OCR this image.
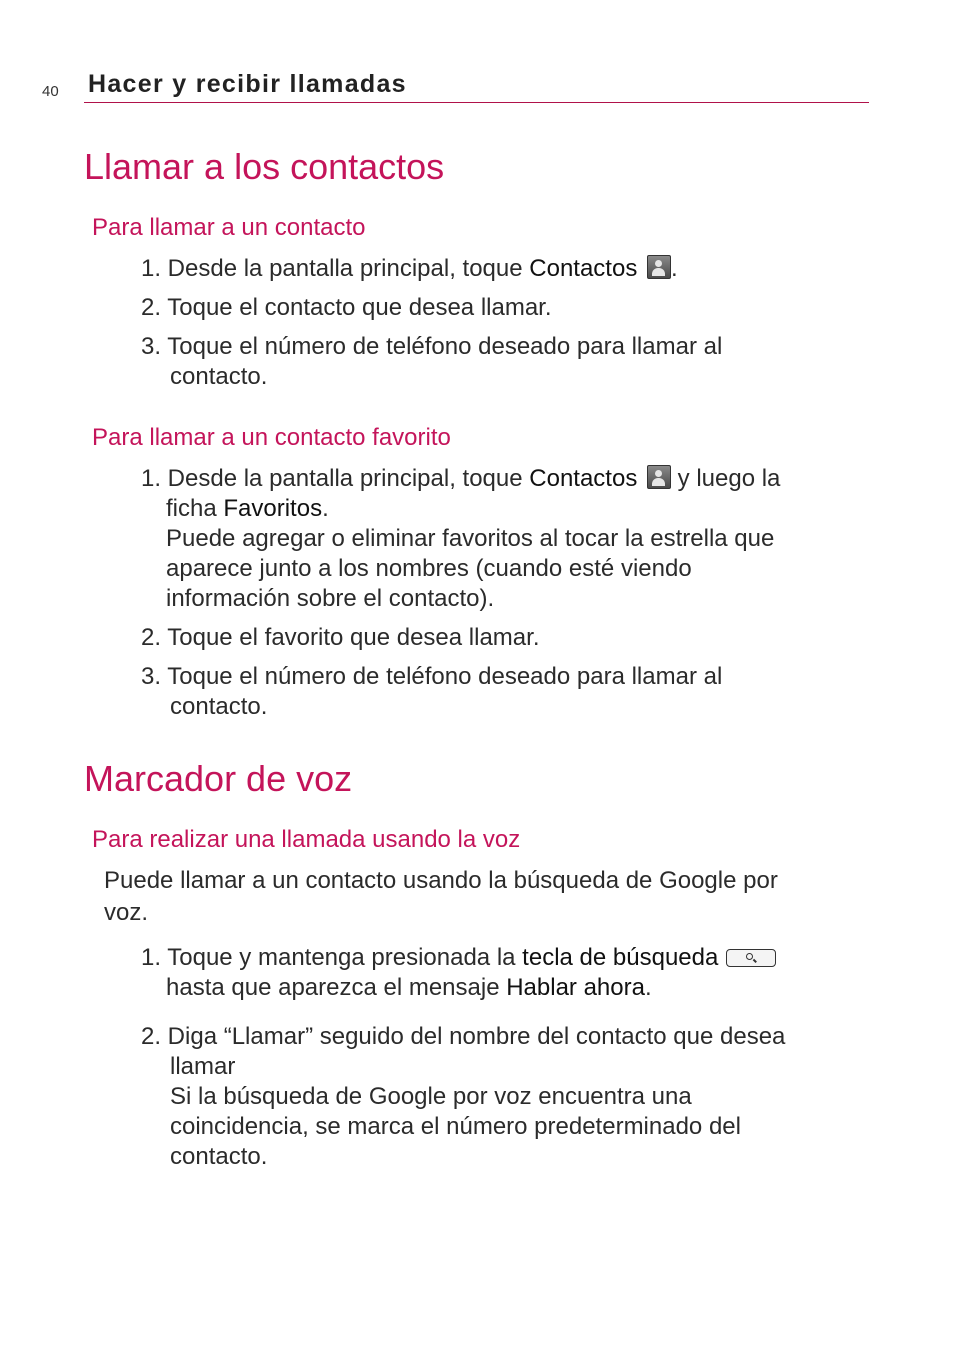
40 Hacer y recibir llamadas
Llamar a los contactos
Para llamar a un contacto
1. Desde la pantalla principal, toque Contactos .
2. Toque el contacto que desea llamar.
3. Toque el número de teléfono deseado para llamar al
contacto.
Para llamar a un contacto favorito
1. Desde la pantalla principal, toque Contactos  y luego la
ficha Favoritos.
Puede agregar o eliminar favoritos al tocar la estrella que
aparece junto a los nombres (cuando esté viendo
información sobre el contacto).
2. Toque el favorito que desea llamar.
3. Toque el número de teléfono deseado para llamar al
contacto.
Marcador de voz
Para realizar una llamada usando la voz
Puede llamar a un contacto usando la búsqueda de Google por
voz.
1. Toque y mantenga presionada la tecla de búsqueda
hasta que aparezca el mensaje Hablar ahora.
2. Diga “Llamar” seguido del nombre del contacto que desea
llamar
Si la búsqueda de Google por voz encuentra una
coincidencia, se marca el número predeterminado del
contacto.
